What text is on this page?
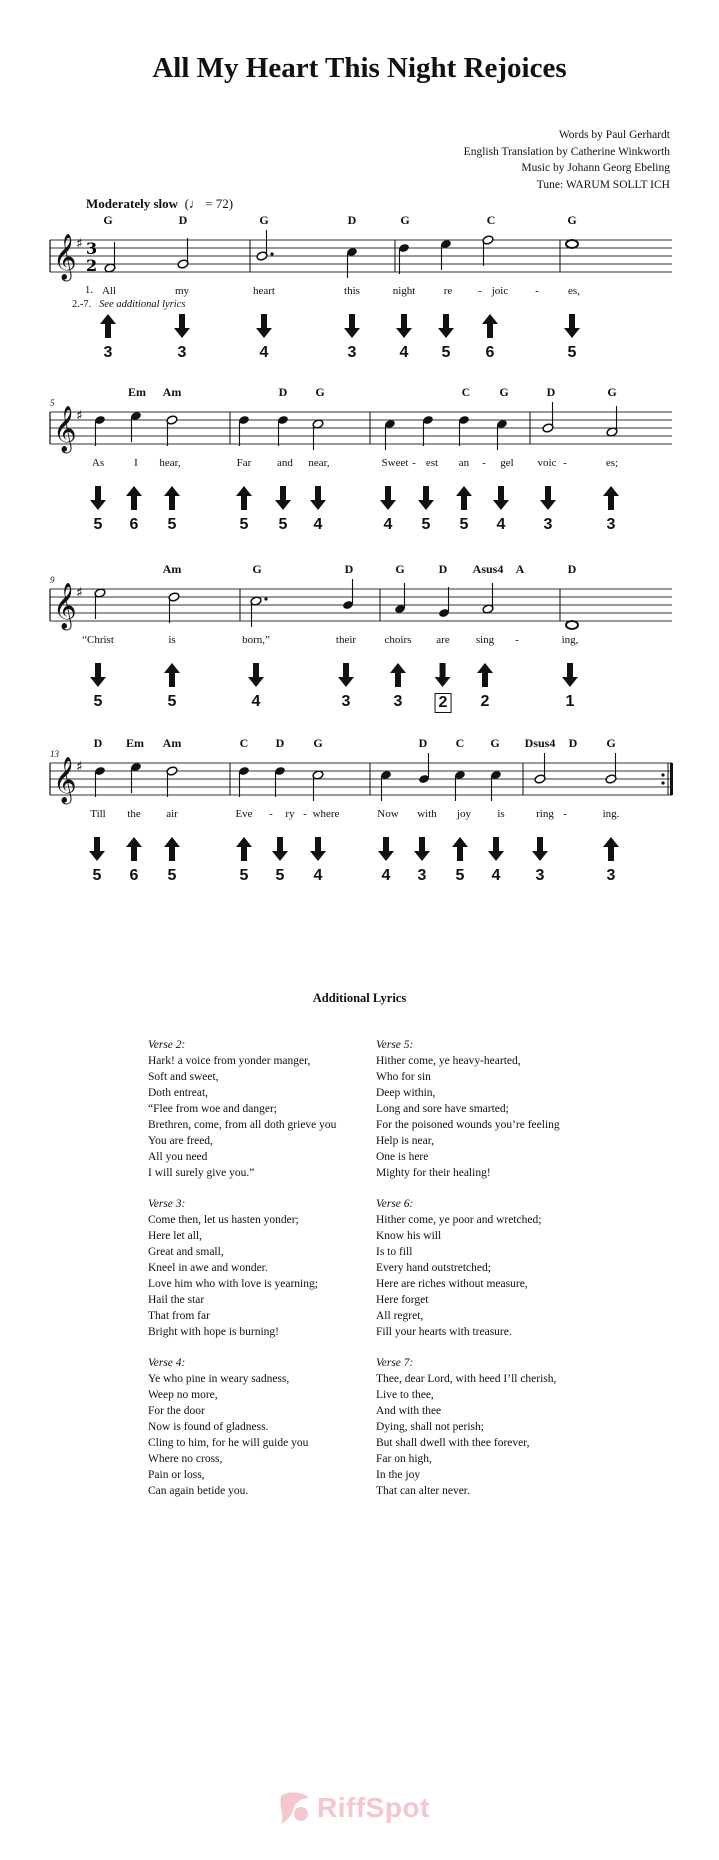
All My Heart This Night Rejoices
Words by Paul Gerhardt
English Translation by Catherine Winkworth
Music by Johann Georg Ebeling
Tune: WARUM SOLLT ICH
Moderately slow  (♩ = 72)
𝄞 ♯ 3
2
G	D	G	D	G	C	G
All	my	heart	this	night	re - joic -	es,
1.
2.-7. See additional lyrics
3	3	4	3	4 5 6	5
5
𝄞 ♯
Em Am	D G	C G	D	G
As	I hear,	Far and near,	Sweet - est an - gel voic -	es;
5 6 5	5 5 4	4 5 5 4 3	3
9
𝄞 ♯
Am	G	D	G	D Asus4 A	D
“Christ	is	born,”	their	choirs are sing -	ing,
5	5	4	3	3 2 2	1
13
𝄞 ♯
D Em Am	C D G	D C G Dsus4 D G
Till the air	Eve - ry - where	Now with joy is	ring -	ing.
5 6 5	5 5 4	4 3 5 4 3	3
Additional Lyrics
Verse 2:
Hark! a voice from yonder manger,
Soft and sweet,
Doth entreat,
“Flee from woe and danger;
Brethren, come, from all doth grieve you
You are freed,
All you need
I will surely give you.”
Verse 3:
Come then, let us hasten yonder;
Here let all,
Great and small,
Kneel in awe and wonder.
Love him who with love is yearning;
Hail the star
That from far
Bright with hope is burning!
Verse 4:
Ye who pine in weary sadness,
Weep no more,
For the door
Now is found of gladness.
Cling to him, for he will guide you
Where no cross,
Pain or loss,
Can again betide you.
Verse 5:
Hither come, ye heavy-hearted,
Who for sin
Deep within,
Long and sore have smarted;
For the poisoned wounds you’re feeling
Help is near,
One is here
Mighty for their healing!
Verse 6:
Hither come, ye poor and wretched;
Know his will
Is to fill
Every hand outstretched;
Here are riches without measure,
Here forget
All regret,
Fill your hearts with treasure.
Verse 7:
Thee, dear Lord, with heed I’ll cherish,
Live to thee,
And with thee
Dying, shall not perish;
But shall dwell with thee forever,
Far on high,
In the joy
That can alter never.
RiffSpot
